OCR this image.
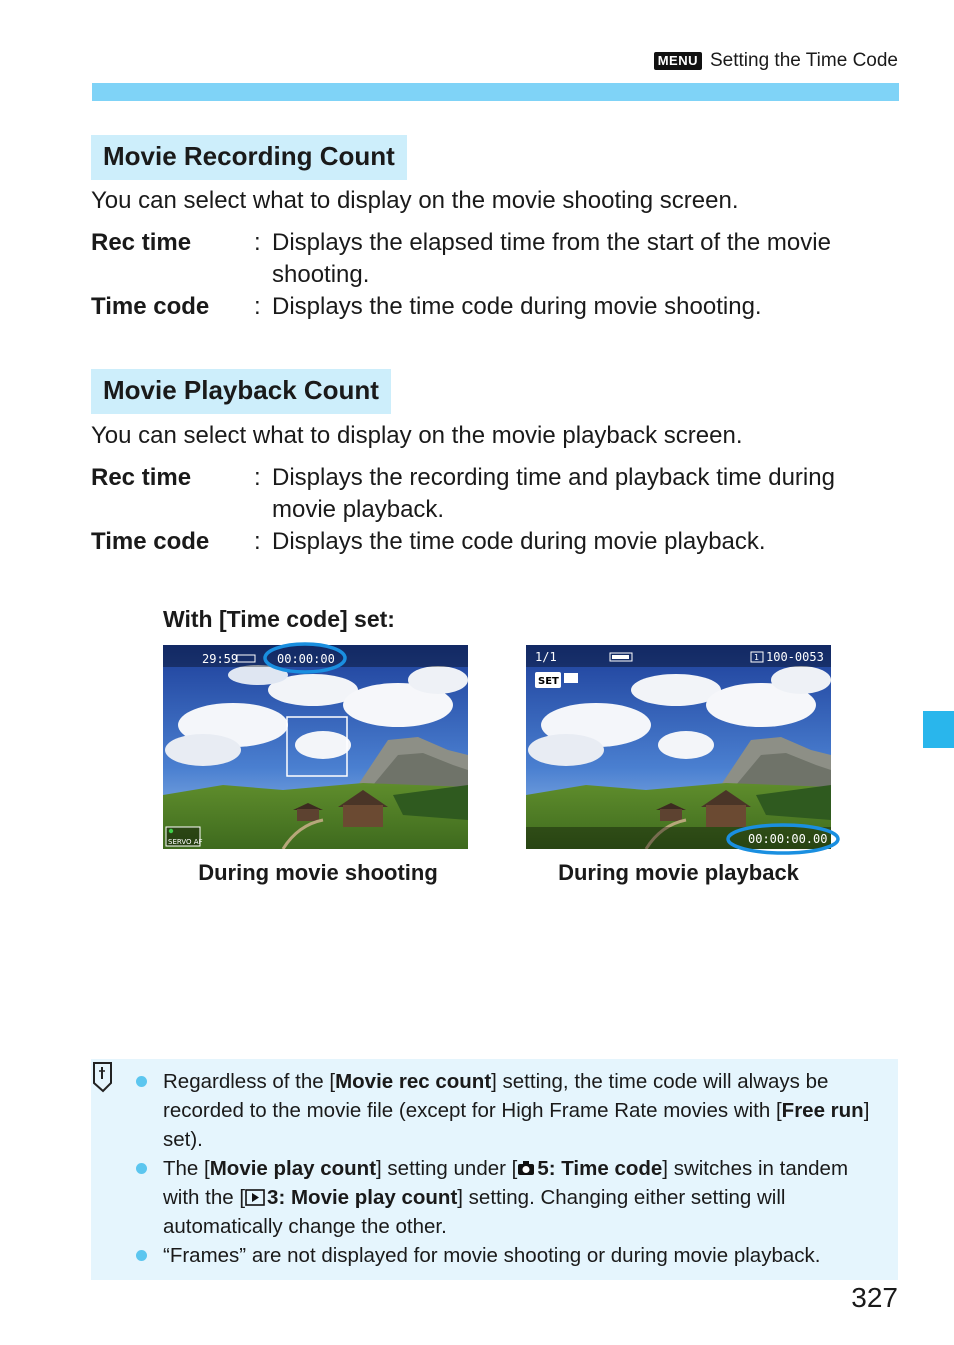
MENU Setting the Time Code
Movie Recording Count
You can select what to display on the movie shooting screen.
Rec time	: Displays the elapsed time from the start of the movie shooting.
Time code : Displays the time code during movie shooting.
Movie Playback Count
You can select what to display on the movie playback screen.
Rec time	: Displays the recording time and playback time during movie playback.
Time code : Displays the time code during movie playback.
With [Time code] set:
29:59	00:00:00
SERVO AF
1/1	1 100-0053
SET
00:00:00.00
During movie shooting	During movie playback
Regardless of the [Movie rec count] setting, the time code will always be recorded to the movie file (except for High Frame Rate movies with [Free run] set).
The [Movie play count] setting under [ 5: Time code] switches in tandem with the [ 3: Movie play count] setting. Changing either setting will automatically change the other.
“Frames” are not displayed for movie shooting or during movie playback.
327
